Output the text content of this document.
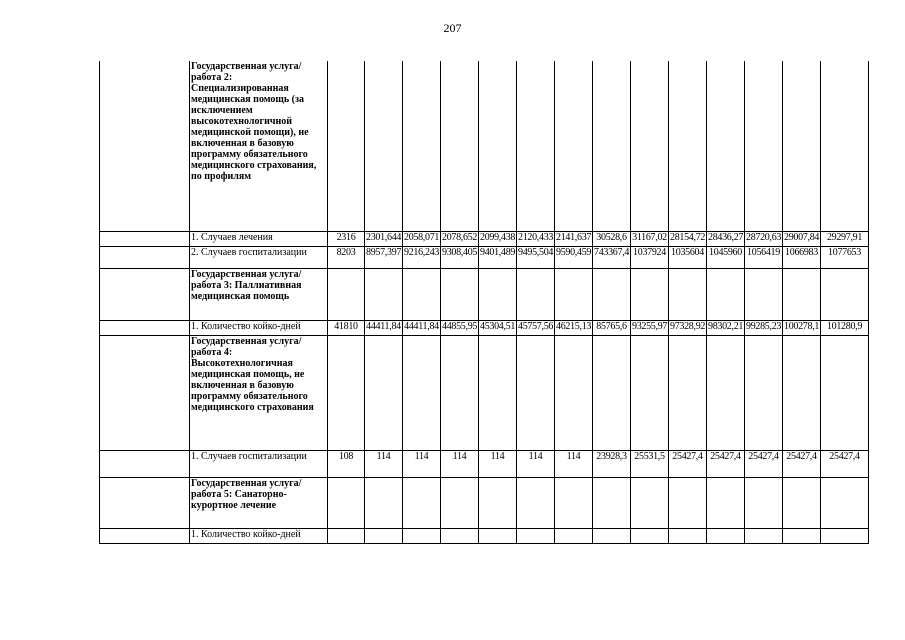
207
	Государственная услуга/работа 2: Специализированная медицинская помощь (за исключением высокотехнологичной медицинской помощи), не включенная в базовую программу обязательного медицинского страхования, по профилям														
	1. Случаев лечения	2316	2301,644	2058,071	2078,652	2099,438	2120,433	2141,637	30528,6	31167,02	28154,72	28436,27	28720,63	29007,84	29297,91
	2. Случаев госпитализации	8203	8957,397	9216,243	9308,405	9401,489	9495,504	9590,459	743367,4	1037924	1035604	1045960	1056419	1066983	1077653
	Государственная услуга/работа 3: Паллиативная медицинская помощь														
	1. Количество койко-дней	41810	44411,84	44411,84	44855,95	45304,51	45757,56	46215,13	85765,6	93255,97	97328,92	98302,21	99285,23	100278,1	101280,9
	Государственная услуга/работа 4: Высокотехнологичная медицинская помощь, не включенная в базовую программу обязательного медицинского страхования														
	1. Случаев госпитализации	108	114	114	114	114	114	114	23928,3	25531,5	25427,4	25427,4	25427,4	25427,4	25427,4
	Государственная услуга/работа 5: Санаторно-курортное лечение														
	1. Количество койко-дней														
